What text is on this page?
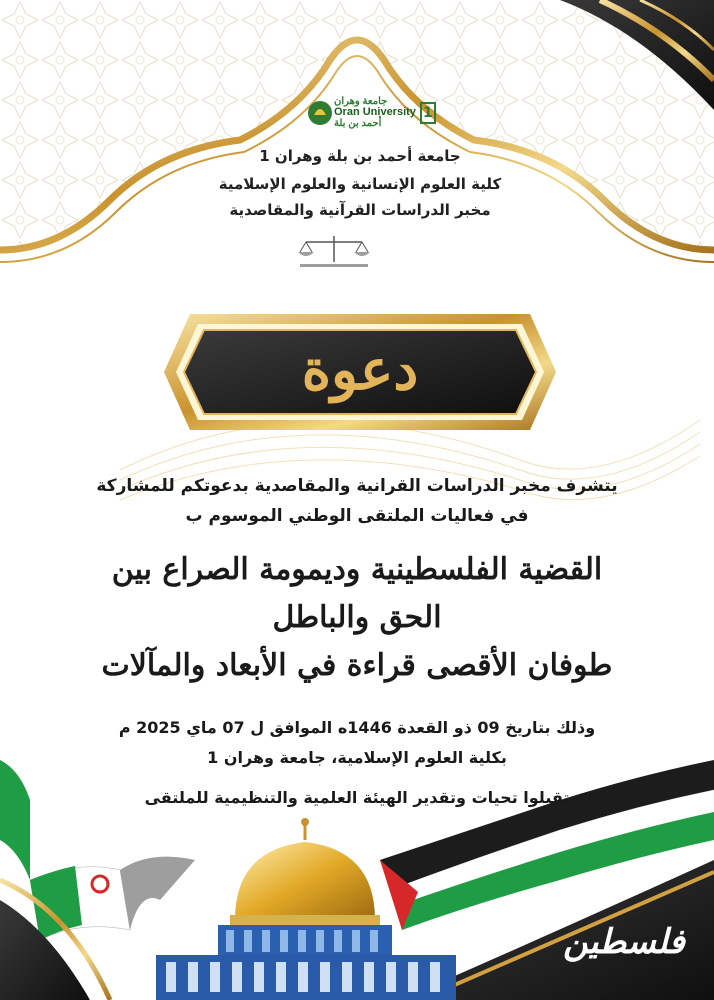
جامعة وهران
Oran University
أحمد بن بلة
1
جامعة أحمد بن بلة وهران 1
كلية العلوم الإنسانية والعلوم الإسلامية
مخبر الدراسات القرآنية والمقاصدية
دعوة
يتشرف مخبر الدراسات القرانية والمقاصدية بدعوتكم للمشاركة
في فعاليات الملتقى الوطني الموسوم ب
القضية الفلسطينية وديمومة الصراع بين
الحق والباطل
طوفان الأقصى قراءة في الأبعاد والمآلات
وذلك بتاريخ 09 ذو القعدة 1446ه الموافق ل 07 ماي 2025 م
بكلية العلوم الإسلامية، جامعة وهران 1
تقبلوا تحيات وتقدير الهيئة العلمية والتنظيمية للملتقى
فلسطين
